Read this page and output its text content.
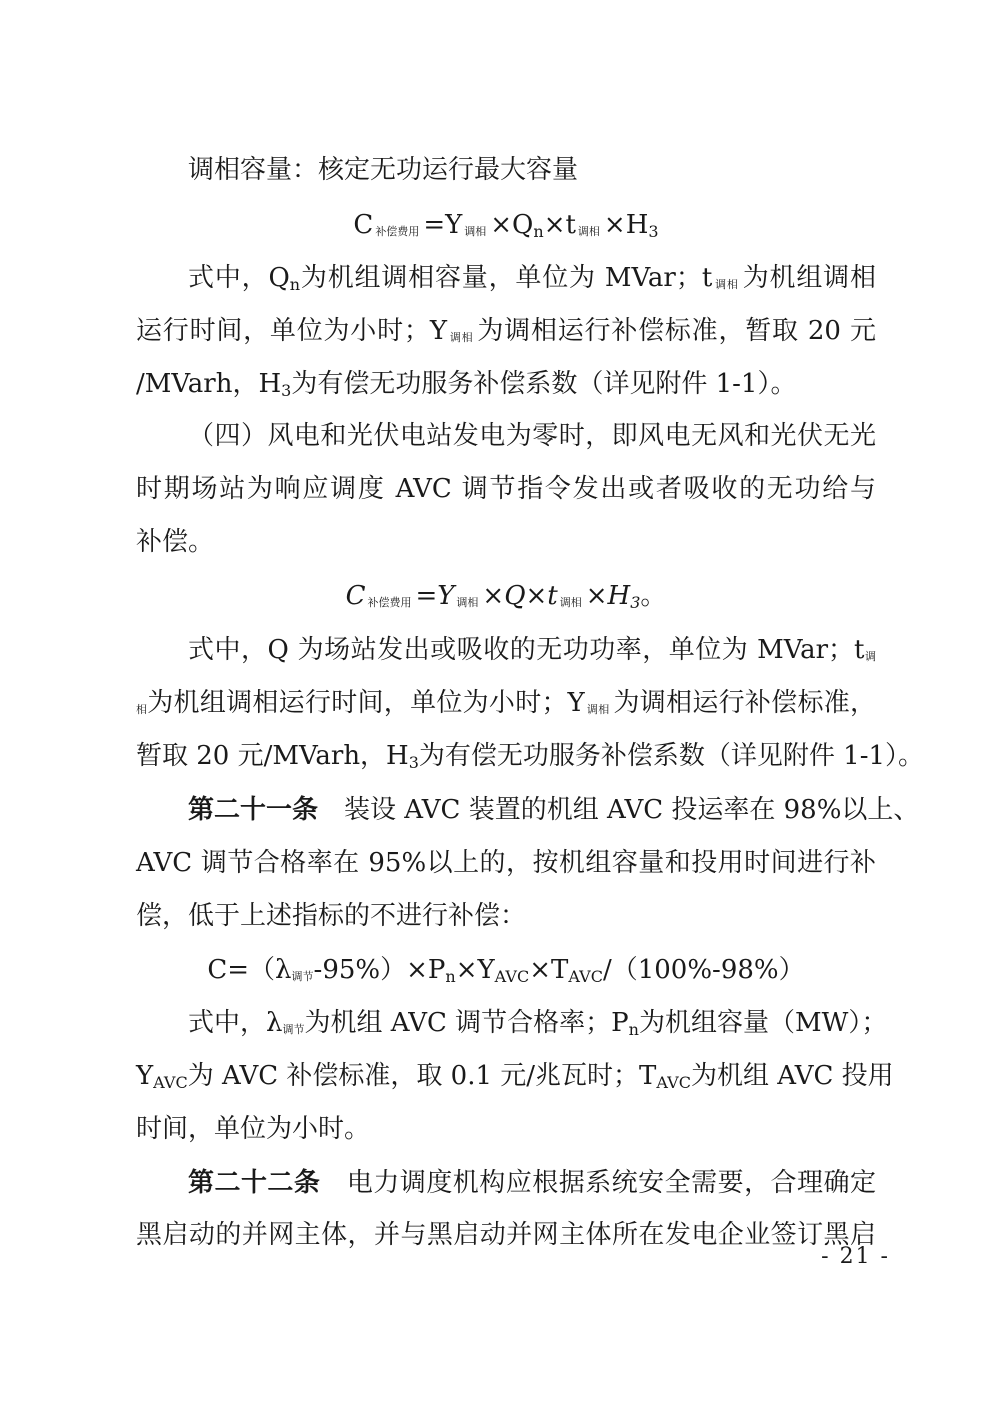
调相容量：核定无功运行最大容量
C补偿费用 =Y 调相 ×Qn×t 调相 ×H3
式中，Qn为机组调相容量，单位为 MVar；t 调相 为机组调相
运行时间，单位为小时；Y 调相 为调相运行补偿标准，暂取 20 元
/MVarh，H3为有偿无功服务补偿系数（详见附件 1-1）。
（四）风电和光伏电站发电为零时，即风电无风和光伏无光
时期场站为响应调度 AVC 调节指令发出或者吸收的无功给与
补偿。
C补偿费用 =Y 调相 ×Q×t 调相 ×H3。
式中，Q 为场站发出或吸收的无功功率，单位为 MVar；t调
相为机组调相运行时间，单位为小时；Y 调相 为调相运行补偿标准，
暂取 20 元/MVarh，H3为有偿无功服务补偿系数（详见附件 1-1）。
第二十一条 装设 AVC 装置的机组 AVC 投运率在 98%以上、
AVC 调节合格率在 95%以上的，按机组容量和投用时间进行补
偿，低于上述指标的不进行补偿：
C=（λ调节-95%）×Pn×YAVC×TAVC/（100%-98%）
式中，λ调节为机组 AVC 调节合格率；Pn为机组容量（MW）；
YAVC为 AVC 补偿标准，取 0.1 元/兆瓦时；TAVC为机组 AVC 投用
时间，单位为小时。
第二十二条 电力调度机构应根据系统安全需要，合理确定
黑启动的并网主体，并与黑启动并网主体所在发电企业签订黑启
- 21 -
